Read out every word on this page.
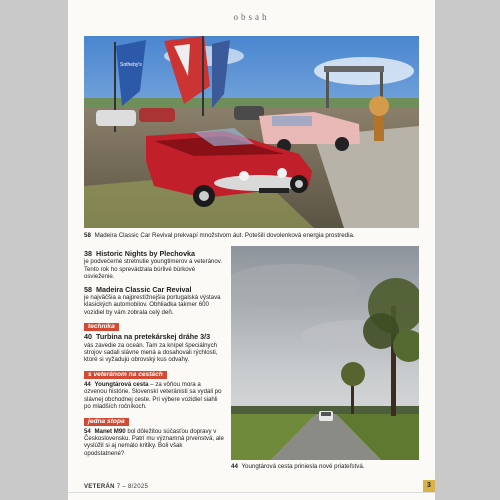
obsah
Sotheby's
58 Madeira Classic Car Revival prekvapí množstvom áut. Potešili dovolenková energia prostredia.
38 Historic Nights by Plechovka
je podvečerné stretnutie youngtimerov a veteránov. Tento rok ho sprevádzala búrlivé búrkové osvieženie.
58 Madeira Classic Car Revival
je najväčšia a najprestížnejšia portugalská výstava klasických automobilov. Obhliadka takmer 600 vozidiel by vám zobrala celý deň.
technika
40 Turbína na pretekárskej dráhe 3/3
vás zavedie za oceán. Tam za knípel špeciálnych strojov sadali slávne mená a dosahovali rýchlosti, ktoré si vyžadujú obrovský kus odvahy.
s veteránom na cestách
44 Youngtárová cesta – za vôňou mora a ozvenou histórie. Slovenskí veteránisti sa vydali po slávnej obchodnej ceste. Pri výbere vozidiel siahli po mladších ročníkoch.
jedna stopa
54 Manet M90 bol dôležitou súčasťou dopravy v Československu. Patrí mu významná prvenstvá, ale vyslúžil si aj nemálo kritiky. Boli však opodstatnené?
44 Youngtárová cesta priniesla nové priateľstvá.
VETERÁN 7 – 8/2025	3
